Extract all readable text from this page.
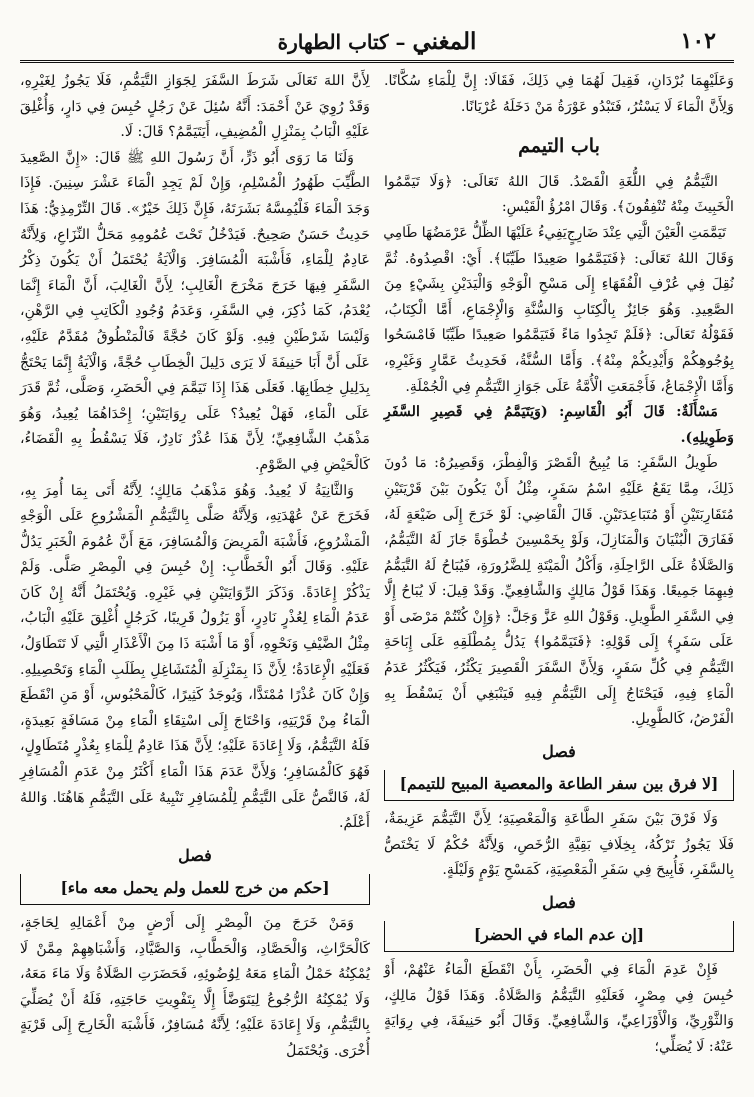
١٠٢
المغني – كتاب الطهارة

وَعَلَيْهِمَا بُرْدَانِ، فَقِيلَ لَهُمَا فِي ذَلِكَ، فَقَالَا: إِنَّ لِلْمَاءِ سُكَّانًا. وَلِأَنَّ الْمَاءَ لَا يَسْتُرُ، فَتَبْدُو عَوْرَةُ مَنْ دَخَلَهُ عُرْيَانًا.

باب التيمم

التَّيَمُّمُ فِي اللُّغَةِ الْقَصْدُ. قَالَ اللهُ تَعَالَى: ﴿وَلَا تَيَمَّمُوا الْخَبِيثَ مِنْهُ تُنْفِقُونَ﴾. وَقَالَ امْرُؤُ الْقَيْسِ:

تَيَمَّمَتِ الْعَيْنَ الَّتِي عِنْدَ ضَارِجٍ
يَفِيءُ عَلَيْهَا الظِّلُّ عَرْمَضُهَا طَامِي

وَقَالَ اللهُ تَعَالَى: ﴿فَتَيَمَّمُوا صَعِيدًا طَيِّبًا﴾. أَيْ: اقْصِدُوهُ. ثُمَّ نُقِلَ فِي عُرْفِ الْفُقَهَاءِ إِلَى مَسْحِ الْوَجْهِ وَالْيَدَيْنِ بِشَيْءٍ مِنَ الصَّعِيدِ. وَهُوَ جَائِزٌ بِالْكِتَابِ وَالسُّنَّةِ وَالْإِجْمَاعِ، أَمَّا الْكِتَابُ، فَقَوْلُهُ تَعَالَى: ﴿فَلَمْ تَجِدُوا مَاءً فَتَيَمَّمُوا صَعِيدًا طَيِّبًا فَامْسَحُوا بِوُجُوهِكُمْ وَأَيْدِيكُمْ مِنْهُ﴾. وَأَمَّا السُّنَّةُ، فَحَدِيثُ عَمَّارٍ وَغَيْرِهِ، وَأَمَّا الْإِجْمَاعُ، فَأَجْمَعَتِ الْأُمَّةُ عَلَى جَوَازِ التَّيَمُّمِ فِي الْجُمْلَةِ.

مَسْأَلَةٌ: قَالَ أَبُو الْقَاسِمِ: (وَيَتَيَمَّمُ فِي قَصِيرِ السَّفَرِ وَطَوِيلِهِ).

طَوِيلُ السَّفَرِ: مَا يُبِيحُ الْقَصْرَ وَالْفِطْرَ، وَقَصِيرُهُ: مَا دُونَ ذَلِكَ، مِمَّا يَقَعُ عَلَيْهِ اسْمُ سَفَرٍ، مِثْلُ أَنْ يَكُونَ بَيْنَ قَرْيَتَيْنِ مُتَقَارِبَتَيْنِ أَوْ مُتَبَاعِدَتَيْنِ. قَالَ الْقَاضِي: لَوْ خَرَجَ إِلَى ضَيْعَةٍ لَهُ، فَفَارَقَ الْبُنْيَانَ وَالْمَنَازِلَ، وَلَوْ بِخَمْسِينَ خُطْوَةً جَازَ لَهُ التَّيَمُّمُ، وَالصَّلَاةُ عَلَى الرَّاحِلَةِ، وَأَكْلُ الْمَيْتَةِ لِلضَّرُورَةِ، فَيُبَاحُ لَهُ التَّيَمُّمُ فِيهِمَا جَمِيعًا. وَهَذَا قَوْلُ مَالِكٍ وَالشَّافِعِيِّ. وَقَدْ قِيلَ: لَا يُبَاحُ إِلَّا فِي السَّفَرِ الطَّوِيلِ. وَقَوْلُ اللهِ عَزَّ وَجَلَّ: ﴿وَإِنْ كُنْتُمْ مَرْضَى أَوْ عَلَى سَفَرٍ﴾ إِلَى قَوْلِهِ: ﴿فَتَيَمَّمُوا﴾ يَدُلُّ بِمُطْلَقِهِ عَلَى إِبَاحَةِ التَّيَمُّمِ فِي كُلِّ سَفَرٍ، وَلِأَنَّ السَّفَرَ الْقَصِيرَ يَكْثُرُ، فَيَكْثُرُ عَدَمُ الْمَاءِ فِيهِ، فَيَحْتَاجُ إِلَى التَّيَمُّمِ فِيهِ فَيَنْبَغِي أَنْ يَسْقُطَ بِهِ الْفَرْضُ، كَالطَّوِيلِ.

فصل
[لا فرق بين سفر الطاعة والمعصية المبيح للتيمم]

وَلَا فَرْقَ بَيْنَ سَفَرِ الطَّاعَةِ وَالْمَعْصِيَةِ؛ لِأَنَّ التَّيَمُّمَ عَزِيمَةٌ، فَلَا يَجُوزُ تَرْكُهُ، بِخِلَافِ بَقِيَّةِ الرُّخَصِ، وَلِأَنَّهُ حُكْمٌ لَا يَخْتَصُّ بِالسَّفَرِ، فَأُبِيحَ فِي سَفَرِ الْمَعْصِيَةِ، كَمَسْحِ يَوْمٍ وَلَيْلَةٍ.

فصل
[إن عدم الماء في الحضر]

فَإِنْ عَدِمَ الْمَاءَ فِي الْحَضَرِ، بِأَنْ انْقَطَعَ الْمَاءُ عَنْهُمْ، أَوْ حُبِسَ فِي مِصْرٍ، فَعَلَيْهِ التَّيَمُّمُ وَالصَّلَاةُ. وَهَذَا قَوْلُ مَالِكٍ، وَالثَّوْرِيِّ، وَالْأَوْزَاعِيِّ، وَالشَّافِعِيِّ. وَقَالَ أَبُو حَنِيفَةَ، فِي رِوَايَةٍ عَنْهُ: لَا يُصَلِّي؛

لِأَنَّ اللهَ تَعَالَى شَرَطَ السَّفَرَ لِجَوَازِ التَّيَمُّمِ، فَلَا يَجُوزُ لِغَيْرِهِ، وَقَدْ رُوِيَ عَنْ أَحْمَدَ: أَنَّهُ سُئِلَ عَنْ رَجُلٍ حُبِسَ فِي دَارٍ، وَأُغْلِقَ عَلَيْهِ الْبَابُ بِمَنْزِلِ الْمُضِيفِ، أَيَتَيَمَّمُ؟ قَالَ: لَا.

وَلَنَا مَا رَوَى أَبُو ذَرٍّ، أَنَّ رَسُولَ اللهِ ﷺ قَالَ: «إِنَّ الصَّعِيدَ الطَّيِّبَ طَهُورُ الْمُسْلِمِ، وَإِنْ لَمْ يَجِدِ الْمَاءَ عَشْرَ سِنِينَ. فَإِذَا وَجَدَ الْمَاءَ فَلْيُمِسَّهُ بَشَرَتَهُ، فَإِنَّ ذَلِكَ خَيْرٌ». قَالَ التِّرْمِذِيُّ: هَذَا حَدِيثٌ حَسَنٌ صَحِيحٌ. فَيَدْخُلُ تَحْتَ عُمُومِهِ مَحَلُّ النِّزَاعِ، وَلِأَنَّهُ عَادِمٌ لِلْمَاءِ، فَأَشْبَهَ الْمُسَافِرَ. وَالْآيَةُ يُحْتَمَلُ أَنْ يَكُونَ ذِكْرُ السَّفَرِ فِيهَا خَرَجَ مَخْرَجَ الْغَالِبِ؛ لِأَنَّ الْغَالِبَ، أَنَّ الْمَاءَ إِنَّمَا يُعْدَمُ، كَمَا ذُكِرَ، فِي السَّفَرِ، وَعَدَمُ وُجُودِ الْكَاتِبِ فِي الرَّهْنِ، وَلَيْسَا شَرْطَيْنِ فِيهِ. وَلَوْ كَانَ حُجَّةً فَالْمَنْطُوقُ مُقَدَّمٌ عَلَيْهِ، عَلَى أَنَّ أَبَا حَنِيفَةَ لَا يَرَى دَلِيلَ الْخِطَابِ حُجَّةً، وَالْآيَةُ إِنَّمَا يَحْتَجُّ بِدَلِيلِ خِطَابِهَا. فَعَلَى هَذَا إِذَا تَيَمَّمَ فِي الْحَضَرِ، وَصَلَّى، ثُمَّ قَدَرَ عَلَى الْمَاءِ، فَهَلْ يُعِيدُ؟ عَلَى رِوَايَتَيْنِ؛ إِحْدَاهُمَا يُعِيدُ، وَهُوَ مَذْهَبُ الشَّافِعِيِّ؛ لِأَنَّ هَذَا عُذْرٌ نَادِرٌ، فَلَا يَسْقُطُ بِهِ الْقَضَاءُ، كَالْحَيْضِ فِي الصَّوْمِ.

وَالثَّانِيَةُ لَا يُعِيدُ. وَهُوَ مَذْهَبُ مَالِكٍ؛ لِأَنَّهُ أَتَى بِمَا أُمِرَ بِهِ، فَخَرَجَ عَنْ عُهْدَتِهِ، وَلِأَنَّهُ صَلَّى بِالتَّيَمُّمِ الْمَشْرُوعِ عَلَى الْوَجْهِ الْمَشْرُوعِ، فَأَشْبَهَ الْمَرِيضَ وَالْمُسَافِرَ، مَعَ أَنَّ عُمُومَ الْخَبَرِ يَدُلُّ عَلَيْهِ. وَقَالَ أَبُو الْخَطَّابِ: إِنْ حُبِسَ فِي الْمِصْرِ صَلَّى. وَلَمْ يَذْكُرْ إِعَادَةً. وَذَكَرَ الرِّوَايَتَيْنِ فِي غَيْرِهِ. وَيُحْتَمَلُ أَنَّهُ إِنْ كَانَ عَدَمُ الْمَاءِ لِعُذْرٍ نَادِرٍ، أَوْ يَزُولُ قَرِيبًا، كَرَجُلٍ أُغْلِقَ عَلَيْهِ الْبَابُ، مِثْلُ الضَّيْفِ وَنَحْوِهِ، أَوْ مَا أَشْبَهَ ذَا مِنَ الْأَعْذَارِ الَّتِي لَا تَتَطَاوَلُ، فَعَلَيْهِ الْإِعَادَةُ؛ لِأَنَّ ذَا بِمَنْزِلَةِ الْمُتَشَاغِلِ بِطَلَبِ الْمَاءِ وَتَحْصِيلِهِ. وَإِنْ كَانَ عُذْرًا مُمْتَدًّا، وَيُوجَدُ كَثِيرًا، كَالْمَحْبُوسِ، أَوْ مَنِ انْقَطَعَ الْمَاءُ مِنْ قَرْيَتِهِ، وَاحْتَاجَ إِلَى اسْتِقَاءِ الْمَاءِ مِنْ مَسَافَةٍ بَعِيدَةٍ، فَلَهُ التَّيَمُّمُ، وَلَا إِعَادَةَ عَلَيْهِ؛ لِأَنَّ هَذَا عَادِمٌ لِلْمَاءِ بِعُذْرٍ مُتَطَاوِلٍ، فَهُوَ كَالْمُسَافِرِ؛ وَلِأَنَّ عَدَمَ هَذَا الْمَاءِ أَكْثَرُ مِنْ عَدَمِ الْمُسَافِرِ لَهُ، فَالنَّصُّ عَلَى التَّيَمُّمِ لِلْمُسَافِرِ تَنْبِيهٌ عَلَى التَّيَمُّمِ هَاهُنَا. وَاللهُ أَعْلَمُ.

فصل
[حكم من خرج للعمل ولم يحمل معه ماء]

وَمَنْ خَرَجَ مِنَ الْمِصْرِ إِلَى أَرْضٍ مِنْ أَعْمَالِهِ لِحَاجَةٍ، كَالْحَرَّاثِ، وَالْحَصَّادِ، وَالْحَطَّابِ، وَالصَّيَّادِ، وَأَشْبَاهِهِمْ مِمَّنْ لَا يُمْكِنُهُ حَمْلُ الْمَاءِ مَعَهُ لِوُضُوئِهِ، فَحَضَرَتِ الصَّلَاةُ وَلَا مَاءَ مَعَهُ، وَلَا يُمْكِنُهُ الرُّجُوعُ لِيَتَوَضَّأَ إِلَّا بِتَفْوِيتِ حَاجَتِهِ، فَلَهُ أَنْ يُصَلِّيَ بِالتَّيَمُّمِ، وَلَا إِعَادَةَ عَلَيْهِ؛ لِأَنَّهُ مُسَافِرٌ، فَأَشْبَهَ الْخَارِجَ إِلَى قَرْيَةٍ أُخْرَى. وَيُحْتَمَلُ
